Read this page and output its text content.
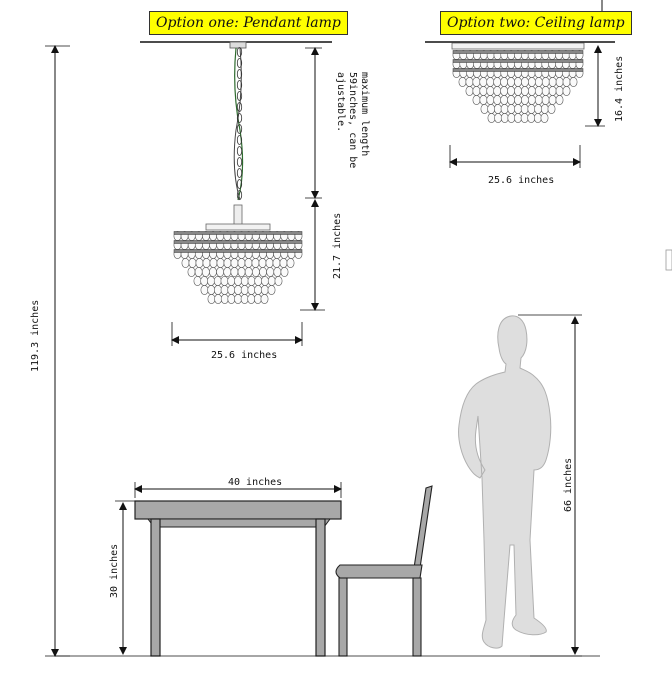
Option one: Pendant lamp	Option two: Ceiling lamp
119.3 inches
maximum length
59inches, can be
ajustable.
21.7 inches
25.6 inches
16.4 inches
25.6 inches
40 inches
30 inches
66 inches
